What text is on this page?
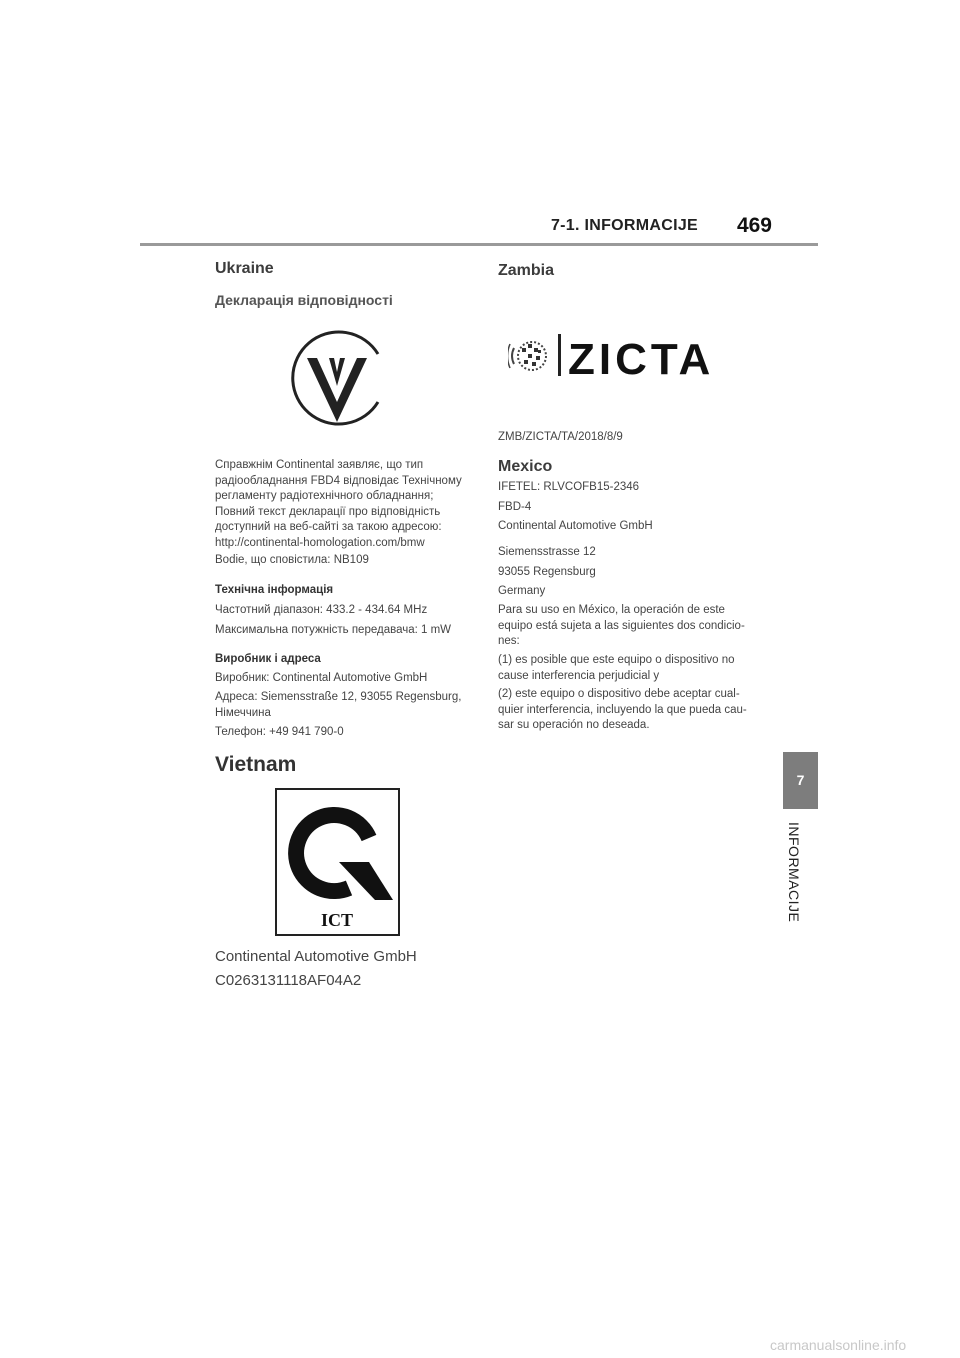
7-1. INFORMACIJE 469
7
INFORMACIJE
Ukraine
Декларація відповідності

Справжнім Continental заявляє, що тип

радіообладнання FBD4 відповідає Технічному

регламенту радіотехнічного обладнання;

Повний текст декларації про відповідність

доступний на веб-сайті за такою адресою:

http://continental-homologation.com/bmw

Bodie, що сповістила: NB109
Технічна інформація
Частотний діапазон: 433.2 - 434.64 MHz
Максимальна потужність передавача: 1 mW
Виробник і адреса
Виробник: Continental Automotive GmbH

Адреса: Siemensstraße 12, 93055 Regensburg,

Німеччина

Телефон: +49 941 790-0
Vietnam
ICT
Continental Automotive GmbH
C0263131118AF04A2
Zambia
ZICTA
ZMB/ZICTA/TA/2018/8/9
Mexico
IFETEL: RLVCOFB15-2346
FBD-4
Continental Automotive GmbH
Siemensstrasse 12
93055 Regensburg
Germany

Para su uso en México, la operación de este

equipo está sujeta a las siguientes dos condicio-

nes:

(1) es posible que este equipo o dispositivo no

cause interferencia perjudicial y

(2) este equipo o dispositivo debe aceptar cual-

quier interferencia, incluyendo la que pueda cau-

sar su operación no deseada.

carmanualsonline.info
